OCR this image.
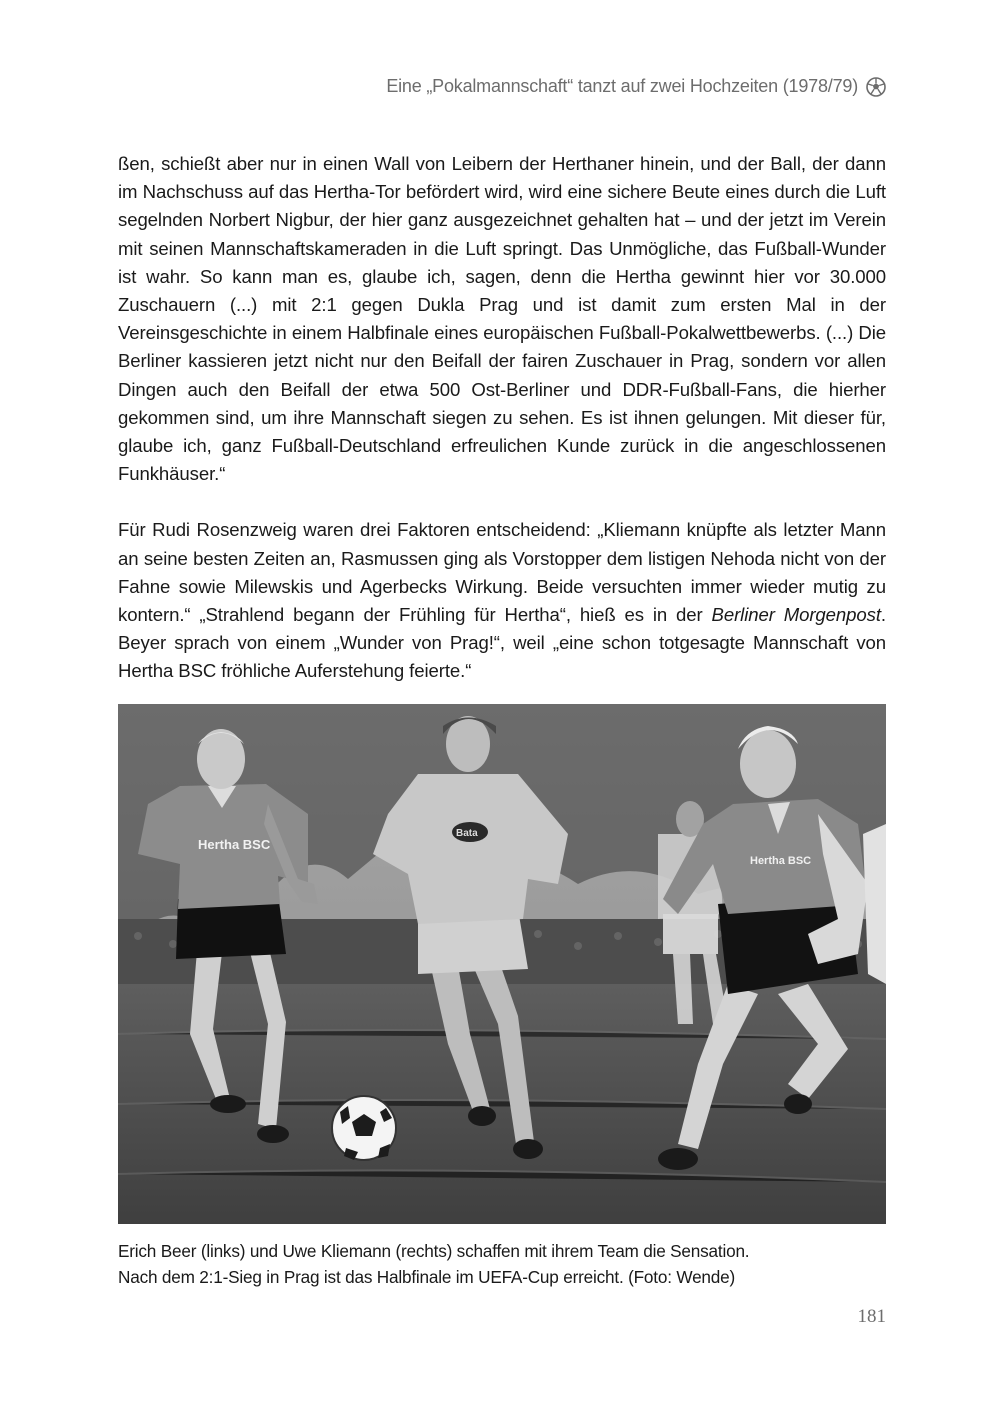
Eine „Pokalmannschaft“ tanzt auf zwei Hochzeiten (1978/79)

ßen, schießt aber nur in einen Wall von Leibern der Herthaner hinein, und der Ball, der dann im Nachschuss auf das Hertha-Tor befördert wird, wird eine sichere Beute eines durch die Luft segelnden Norbert Nigbur, der hier ganz ausgezeichnet gehalten hat – und der jetzt im Verein mit seinen Mannschaftskameraden in die Luft springt. Das Unmögliche, das Fußball-Wunder ist wahr. So kann man es, glaube ich, sagen, denn die Hertha gewinnt hier vor 30.000 Zuschauern (...) mit 2:1 gegen Dukla Prag und ist damit zum ersten Mal in der Vereinsgeschichte in einem Halbfinale eines europäischen Fußball-Pokalwettbewerbs. (...) Die Berliner kassieren jetzt nicht nur den Beifall der fairen Zuschauer in Prag, sondern vor allen Dingen auch den Beifall der etwa 500 Ost-Berliner und DDR-Fußball-Fans, die hierher gekommen sind, um ihre Mannschaft siegen zu sehen. Es ist ihnen gelungen. Mit dieser für, glaube ich, ganz Fußball-Deutschland erfreulichen Kunde zurück in die angeschlossenen Funkhäuser.“

Für Rudi Rosenzweig waren drei Faktoren entscheidend: „Kliemann knüpfte als letzter Mann an seine besten Zeiten an, Rasmussen ging als Vorstopper dem listigen Nehoda nicht von der Fahne sowie Milewskis und Agerbecks Wirkung. Beide versuchten immer wieder mutig zu kontern.“ „Strahlend begann der Frühling für Hertha“, hieß es in der Berliner Morgenpost. Beyer sprach von einem „Wunder von Prag!“, weil „eine schon totgesagte Mannschaft von Hertha BSC fröhliche Auferstehung feierte.“

Hertha BSC
Bata
Hertha BSC
Erich Beer (links) und Uwe Kliemann (rechts) schaffen mit ihrem Team die Sensation.
Nach dem 2:1-Sieg in Prag ist das Halbfinale im UEFA-Cup erreicht. (Foto: Wende)
181
